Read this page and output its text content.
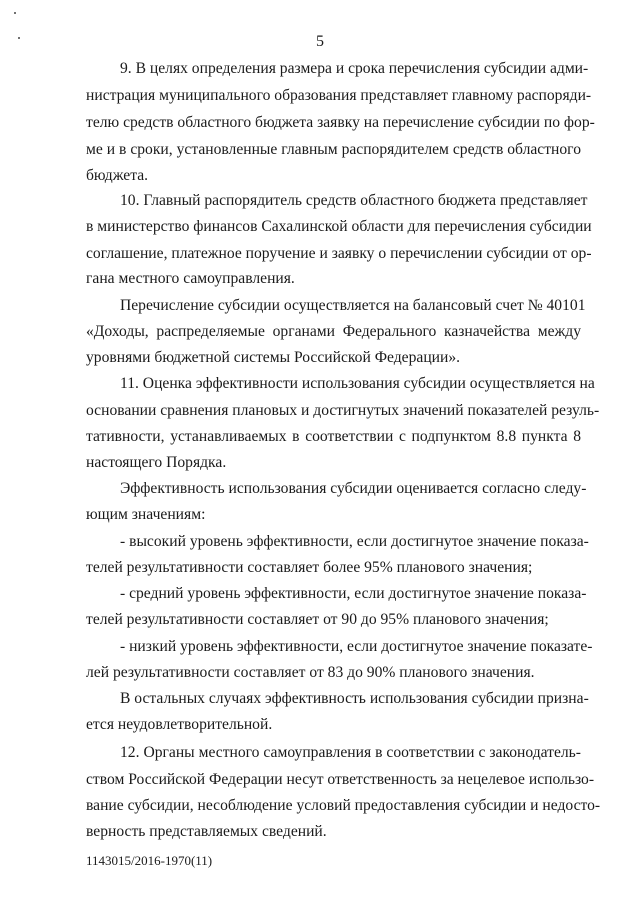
5
9. В целях определения размера и срока перечисления субсидии адми-
нистрация муниципального образования представляет главному распоряди-
телю средств областного бюджета заявку на перечисление субсидии по фор-
ме и в сроки, установленные главным распорядителем средств областного
бюджета.
10. Главный распорядитель средств областного бюджета представляет
в министерство финансов Сахалинской области для перечисления субсидии
соглашение, платежное поручение и заявку о перечислении субсидии от ор-
гана местного самоуправления.
Перечисление субсидии осуществляется на балансовый счет № 40101
«Доходы, распределяемые органами Федерального казначейства между
уровнями бюджетной системы Российской Федерации».
11. Оценка эффективности использования субсидии осуществляется на
основании сравнения плановых и достигнутых значений показателей резуль-
тативности, устанавливаемых в соответствии с подпунктом 8.8 пункта 8
настоящего Порядка.
Эффективность использования субсидии оценивается согласно следу-
ющим значениям:
- высокий уровень эффективности, если достигнутое значение показа-
телей результативности составляет более 95% планового значения;
- средний уровень эффективности, если достигнутое значение показа-
телей результативности составляет от 90 до 95% планового значения;
- низкий уровень эффективности, если достигнутое значение показате-
лей результативности составляет от 83 до 90% планового значения.
В остальных случаях эффективность использования субсидии призна-
ется неудовлетворительной.
12. Органы местного самоуправления в соответствии с законодатель-
ством Российской Федерации несут ответственность за нецелевое использо-
вание субсидии, несоблюдение условий предоставления субсидии и недосто-
верность представляемых сведений.
1143015/2016-1970(11)
